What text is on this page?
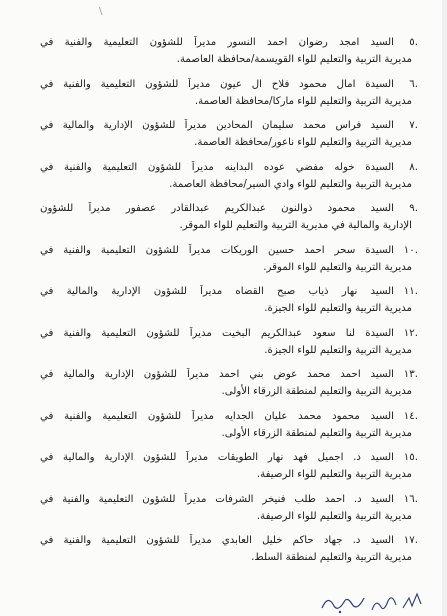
\
.٥
السيد امجد رضوان احمد النسور مديراً للشؤون التعليمية والفنية في
مديرية التربية والتعليم للواء القويسمة/محافظة العاصمة.
.٦
السيدة امال محمود فلاح ال عيون مديراً للشؤون التعليمية والفنية في
مديرية التربية والتعليم للواء ماركا/محافظة العاصمة.
.٧
السيد فراس محمد سليمان المحادين مديراً للشؤون الإدارية والمالية في
مديرية التربية والتعليم للواء ناعور/محافظة العاصمة.
.٨
السيدة خوله مفضي عوده البداينه مديراً للشؤون التعليمية والفنية في
مديرية التربية والتعليم للواء وادي السير/محافظة العاصمة.
.٩
السيد محمود ذوالنون عبدالكريم عبدالقادر عصفور مديراً للشؤون
الإدارية والمالية في مديرية التربية والتعليم للواء الموقر.
.١٠
السيدة سحر احمد حسين الوريكات مديراً للشؤون التعليمية والفنية في
مديرية التربية والتعليم للواء الموقر.
.١١
السيد نهار ذياب صبح القضاه مديراً للشؤون الإدارية والمالية في
مديرية التربية والتعليم للواء الجيزة.
.١٢
السيدة لنا سعود عبدالكريم البخيت مديراً للشؤون التعليمية والفنية في
مديرية التربية والتعليم للواء الجيزة.
.١٣
السيد احمد محمد عوض بني احمد مديراً للشؤون الإدارية والمالية في
مديرية التربية والتعليم لمنطقة الزرقاء الأولى.
.١٤
السيد محمود محمد عليان الجدايه مديراً للشؤون التعليمية والفنية في
مديرية التربية والتعليم لمنطقة الزرقاء الأولى.
.١٥
السيد د. اجميل فهد نهار الطويقات مديراً للشؤون الإدارية والمالية في
مديرية التربية والتعليم للواء الرصيفة.
.١٦
السيد د. احمد طلب فنيخر الشرفات مديراً للشؤون التعليمية والفنية في
مديرية التربية والتعليم للواء الرصيفة.
.١٧
السيد د. جهاد حاكم خليل العابدي مديراً للشؤون التعليمية والفنية في
مديرية التربية والتعليم لمنطقة السلط.
